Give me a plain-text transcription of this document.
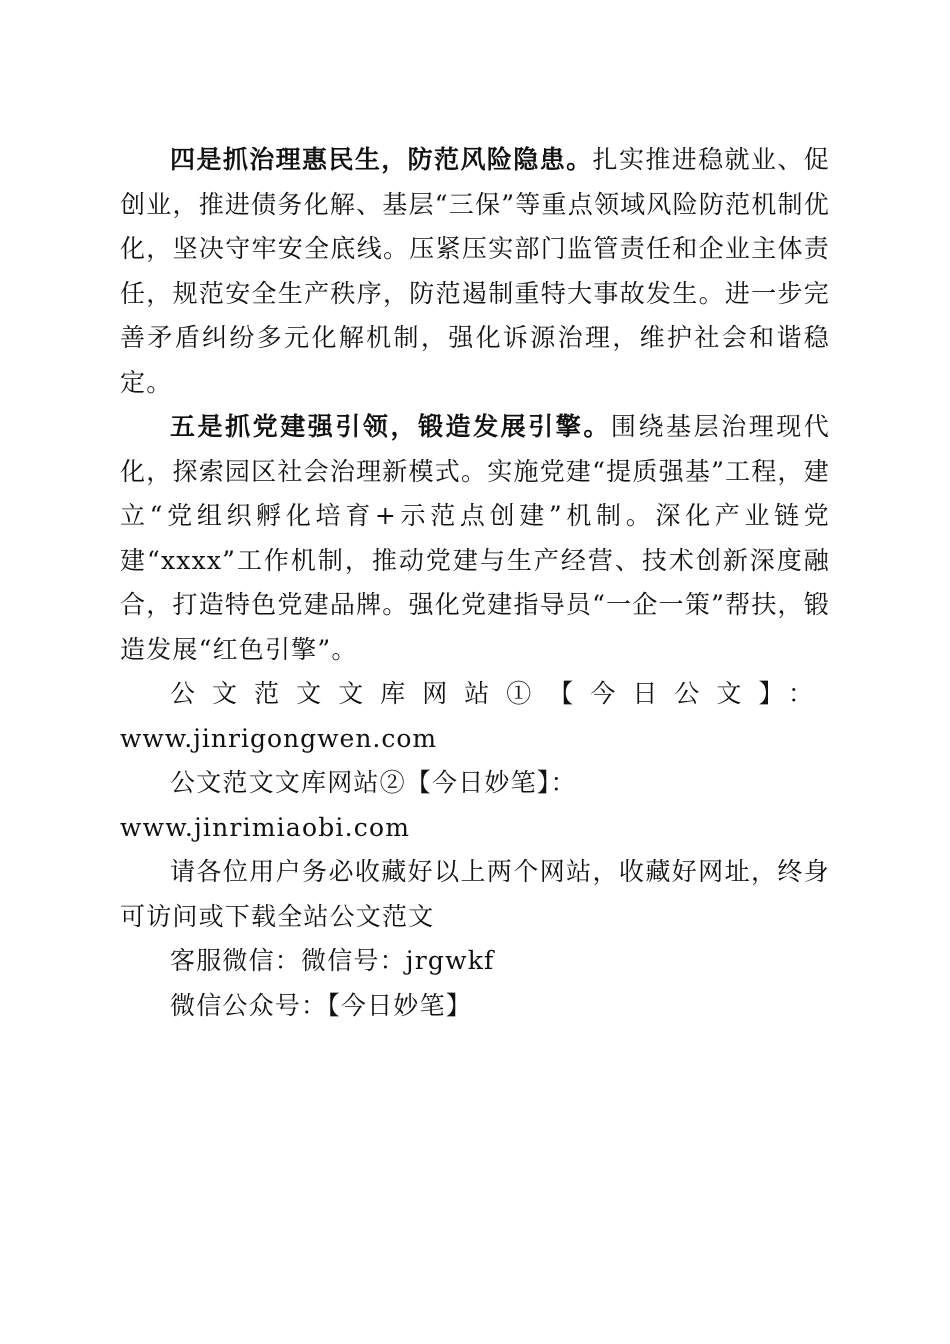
四是抓治理惠民生，防范风险隐患。扎实推进稳就业、促创业，推进债务化解、基层“三保”等重点领域风险防范机制优化，坚决守牢安全底线。压紧压实部门监管责任和企业主体责任，规范安全生产秩序，防范遏制重特大事故发生。进一步完善矛盾纠纷多元化解机制，强化诉源治理，维护社会和谐稳定。

五是抓党建强引领，锻造发展引擎。围绕基层治理现代化，探索园区社会治理新模式。实施党建“提质强基”工程，建立“党组织孵化培育+示范点创建”机制。深化产业链党建“xxxx”工作机制，推动党建与生产经营、技术创新深度融合，打造特色党建品牌。强化党建指导员“一企一策”帮扶，锻造发展“红色引擎”。

公文范文文库网站①【今日公文】：

www.jinrigongwen.com

公文范文文库网站②【今日妙笔】：www.jinrimiaobi.com

请各位用户务必收藏好以上两个网站，收藏好网址，终身可访问或下载全站公文范文

客服微信：微信号：jrgwkf

微信公众号：【今日妙笔】
